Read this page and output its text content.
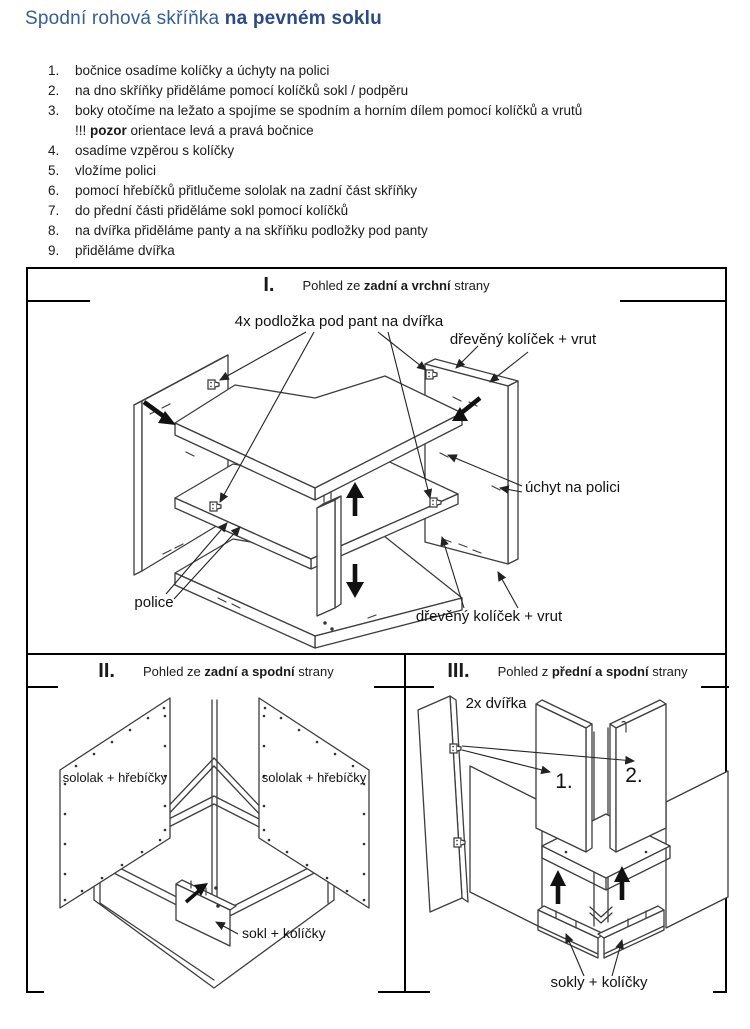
Spodní rohová skříňka na pevném soklu
1.	bočnice osadíme kolíčky a úchyty na polici
2.	na dno skříňky přiděláme pomocí kolíčků sokl / podpěru
3.	boky otočíme na ležato a spojíme se spodním a horním dílem pomocí kolíčků a vrutů
!!! pozor orientace levá a pravá bočnice
4.	osadíme vzpěrou s kolíčky
5.	vložíme polici
6.	pomocí hřebíčků přitlučeme sololak na zadní část skříňky
7.	do přední části přiděláme sokl pomocí kolíčků
8.	na dvířka přiděláme panty a na skříňku podložky pod panty
9.	přiděláme dvířka
I. Pohled ze zadní a vrchní strany
4x podložka pod pant na dvířka
dřevěný kolíček + vrut
úchyt na polici
police
dřevěný kolíček + vrut
II. Pohled ze zadní a spodní strany
sololak + hřebíčky	sololak + hřebíčky
sokl + kolíčky
III. Pohled z přední a spodní strany
1. 2.
sokly + kolíčky
2x dvířka
